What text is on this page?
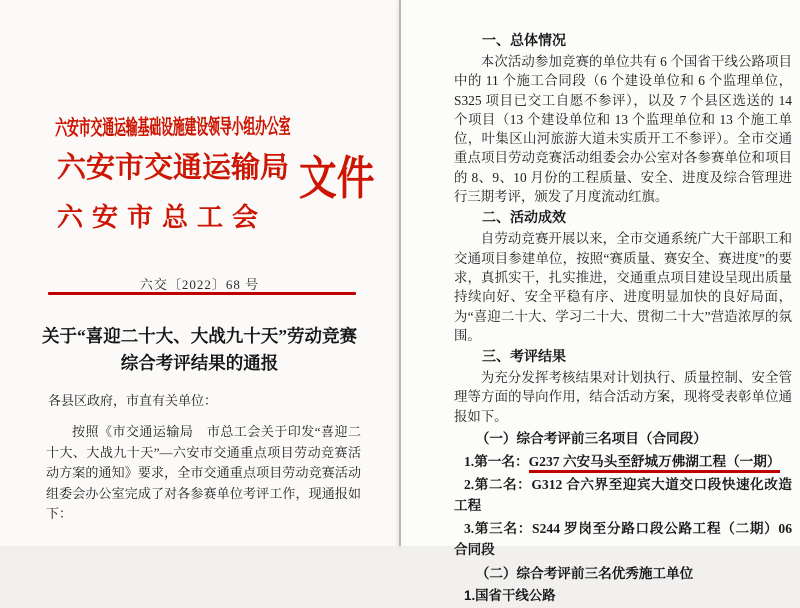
六安市交通运输基础设施建设领导小组办公室
六安市交通运输局
六安市总工会
文件
六交〔2022〕68 号
关于“喜迎二十大、大战九十天”劳动竞赛
综合考评结果的通报
各县区政府，市直有关单位：

按照《市交通运输局　市总工会关于印发“喜迎二十大、大战九十天”—六安市交通重点项目劳动竞赛活动方案的通知》要求，全市交通重点项目劳动竞赛活动组委会办公室完成了对各参赛单位考评工作，现通报如下：

一、总体情况

本次活动参加竞赛的单位共有 6 个国省干线公路项目中的 11 个施工合同段（6 个建设单位和 6 个监理单位，S325 项目已交工自愿不参评），以及 7 个县区选送的 14 个项目（13 个建设单位和 13 个监理单位和 13 个施工单位，叶集区山河旅游大道未实质开工不参评）。全市交通重点项目劳动竞赛活动组委会办公室对各参赛单位和项目的 8、9、10 月份的工程质量、安全、进度及综合管理进行三期考评，颁发了月度流动红旗。

二、活动成效

自劳动竞赛开展以来，全市交通系统广大干部职工和交通项目参建单位，按照“赛质量、赛安全、赛进度”的要求，真抓实干，扎实推进，交通重点项目建设呈现出质量持续向好、安全平稳有序、进度明显加快的良好局面，为“喜迎二十大、学习二十大、贯彻二十大”营造浓厚的氛围。

三、考评结果

为充分发挥考核结果对计划执行、质量控制、安全管理等方面的导向作用，结合活动方案，现将受表彰单位通报如下。

（一）综合考评前三名项目（合同段）

1.第一名：G237 六安马头至舒城万佛湖工程（一期）

2.第二名：G312 合六界至迎宾大道交口段快速化改造工程

3.第三名：S244 罗岗至分路口段公路工程（二期）06 合同段

（二）综合考评前三名优秀施工单位
1.国省干线公路
